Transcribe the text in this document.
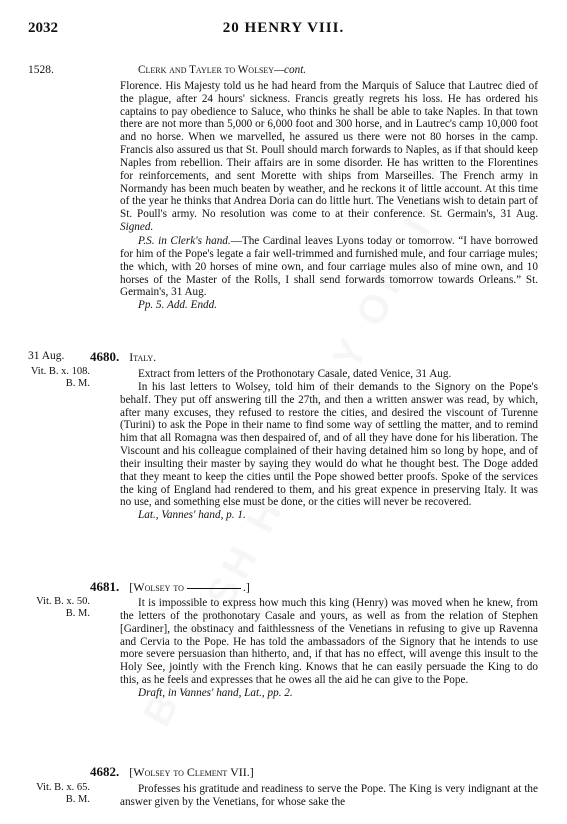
2032	20 HENRY VIII.
1528.	Clerk and Tayler to Wolsey—cont.

Florence. His Majesty told us he had heard from the Marquis of Saluce that Lautrec died of the plague, after 24 hours' sickness. Francis greatly regrets his loss. He has ordered his captains to pay obedience to Saluce, who thinks he shall be able to take Naples. In that town there are not more than 5,000 or 6,000 foot and 300 horse, and in Lautrec's camp 10,000 foot and no horse. When we marvelled, he assured us there were not 80 horses in the camp. Francis also assured us that St. Poull should march forwards to Naples, as if that should keep Naples from rebellion. Their affairs are in some disorder. He has written to the Florentines for reinforcements, and sent Morette with ships from Marseilles. The French army in Normandy has been much beaten by weather, and he reckons it of little account. At this time of the year he thinks that Andrea Doria can do little hurt. The Venetians wish to detain part of St. Poull's army. No resolution was come to at their conference. St. Germain's, 31 Aug. Signed.

P.S. in Clerk's hand.—The Cardinal leaves Lyons today or tomorrow. “I have borrowed for him of the Pope's legate a fair well-trimmed and furnished mule, and four carriage mules; the which, with 20 horses of mine own, and four carriage mules also of mine own, and 10 horses of the Master of the Rolls, I shall send forwards tomorrow towards Orleans.” St. Germain's, 31 Aug.

Pp. 5. Add. Endd.

31 Aug.
Vit. B. x. 108.
B. M.
4680. Italy.

Extract from letters of the Prothonotary Casale, dated Venice, 31 Aug.

In his last letters to Wolsey, told him of their demands to the Signory on the Pope's behalf. They put off answering till the 27th, and then a written answer was read, by which, after many excuses, they refused to restore the cities, and desired the viscount of Turenne (Turini) to ask the Pope in their name to find some way of settling the matter, and to remind him that all Romagna was then despaired of, and of all they have done for his liberation. The Viscount and his colleague complained of their having detained him so long by hope, and of their insulting their master by saying they would do what he thought best. The Doge added that they meant to keep the cities until the Pope showed better proofs. Spoke of the services the king of England had rendered to them, and his great expence in preserving Italy. It was no use, and something else must be done, or the cities will never be recovered.

Lat., Vannes' hand, p. 1.

4681. [Wolsey to	.]
Vit. B. x. 50.
B. M.

It is impossible to express how much this king (Henry) was moved when he knew, from the letters of the prothonotary Casale and yours, as well as from the relation of Stephen [Gardiner], the obstinacy and faithlessness of the Venetians in refusing to give up Ravenna and Cervia to the Pope. He has told the ambassadors of the Signory that he intends to use more severe persuasion than hitherto, and, if that has no effect, will avenge this insult to the Holy See, jointly with the French king. Knows that he can easily persuade the King to do this, as he feels and expresses that he owes all the aid he can give to the Pope.

Draft, in Vannes' hand, Lat., pp. 2.

4682. [Wolsey to Clement VII.]
Vit. B. x. 65.
B. M.

Professes his gratitude and readiness to serve the Pope. The King is very indignant at the answer given by the Venetians, for whose sake the
